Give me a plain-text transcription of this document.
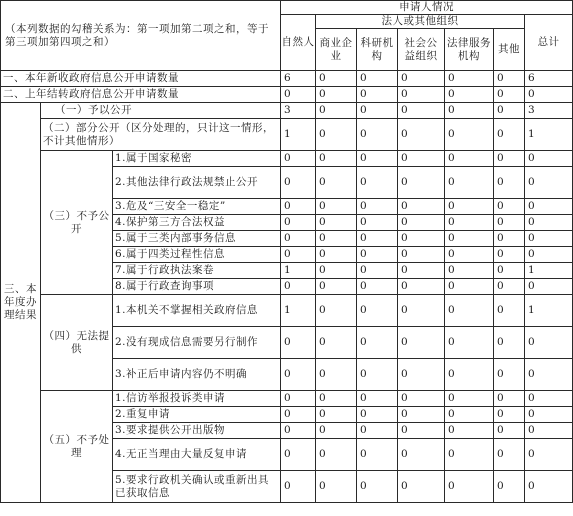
（本列数据的勾稽关系为：第一项加第二项之和，等于第三项加第四项之和）			申请人情况						
			自然人	法人或其他组织					总计
				商业企业	科研机构	社会公益组织	法律服务机构	其他	
一、本年新收政府信息公开申请数量			6	0	0	0	0	0	6
二、上年结转政府信息公开申请数量			0	0	0	0	0	0	0
三、本年度办理结果	（一）予以公开		3	0	0	0	0	0	3
	（二）部分公开（区分处理的，只计这一情形，不计其他情形）		1	0	0	0	0	0	1
	（三）不予公开	1.属于国家秘密	0	0	0	0	0	0	0
		2.其他法律行政法规禁止公开	0	0	0	0	0	0	0
		3.危及“三安全一稳定”	0	0	0	0	0	0	0
		4.保护第三方合法权益	0	0	0	0	0	0	0
		5.属于三类内部事务信息	0	0	0	0	0	0	0
		6.属于四类过程性信息	0	0	0	0	0	0	0
		7.属于行政执法案卷	1	0	0	0	0	0	1
		8.属于行政查询事项	0	0	0	0	0	0	0
	（四）无法提供	1.本机关不掌握相关政府信息	1	0	0	0	0	0	1
		2.没有现成信息需要另行制作	0	0	0	0	0	0	0
		3.补正后申请内容仍不明确	0	0	0	0	0	0	0
	（五）不予处理	1.信访举报投诉类申请	0	0	0	0	0	0	0
		2.重复申请	0	0	0	0	0	0	0
		3.要求提供公开出版物	0	0	0	0	0	0	0
		4.无正当理由大量反复申请	0	0	0	0	0	0	0
		5.要求行政机关确认或重新出具已获取信息	0	0	0	0	0	0	0
